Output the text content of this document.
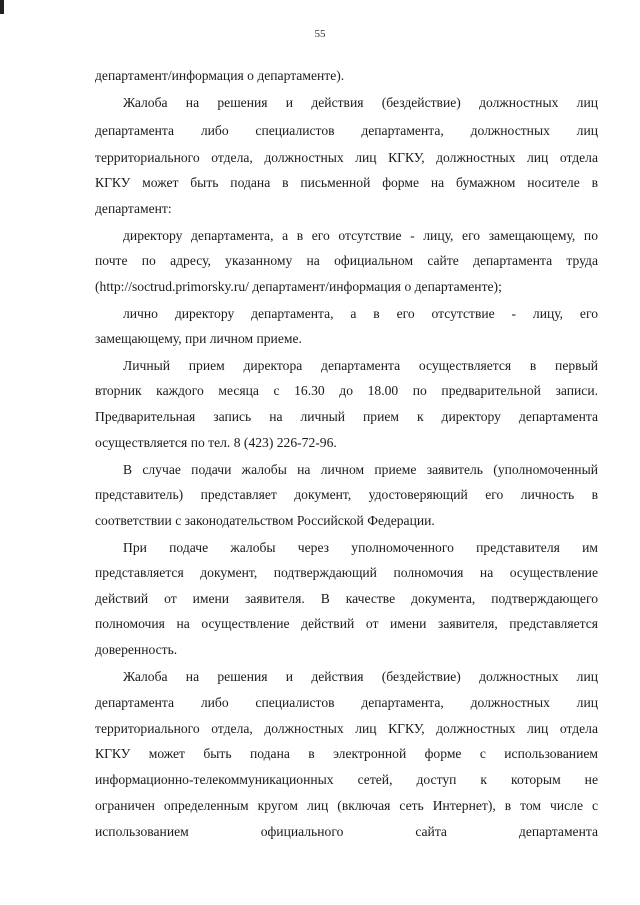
55
департамент/информация о департаменте).
Жалоба на решения и действия (бездействие) должностных лиц
департамента либо специалистов департамента, должностных лиц
территориального отдела, должностных лиц КГКУ, должностных лиц отдела
КГКУ может быть подана в письменной форме на бумажном носителе в
департамент:
директору департамента, а в его отсутствие - лицу, его замещающему, по
почте по адресу, указанному на официальном сайте департамента труда
(http://soctrud.primorsky.ru/ департамент/информация о департаменте);
лично директору департамента, а в его отсутствие - лицу, его
замещающему, при личном приеме.
Личный прием директора департамента осуществляется в первый
вторник каждого месяца с 16.30 до 18.00 по предварительной записи.
Предварительная запись на личный прием к директору департамента
осуществляется по тел. 8 (423) 226-72-96.
В случае подачи жалобы на личном приеме заявитель (уполномоченный
представитель) представляет документ, удостоверяющий его личность в
соответствии с законодательством Российской Федерации.
При подаче жалобы через уполномоченного представителя им
представляется документ, подтверждающий полномочия на осуществление
действий от имени заявителя. В качестве документа, подтверждающего
полномочия на осуществление действий от имени заявителя, представляется
доверенность.
Жалоба на решения и действия (бездействие) должностных лиц
департамента либо специалистов департамента, должностных лиц
территориального отдела, должностных лиц КГКУ, должностных лиц отдела
КГКУ может быть подана в электронной форме с использованием
информационно-телекоммуникационных сетей, доступ к которым не
ограничен определенным кругом лиц (включая сеть Интернет), в том числе с
использованием официального сайта департамента
